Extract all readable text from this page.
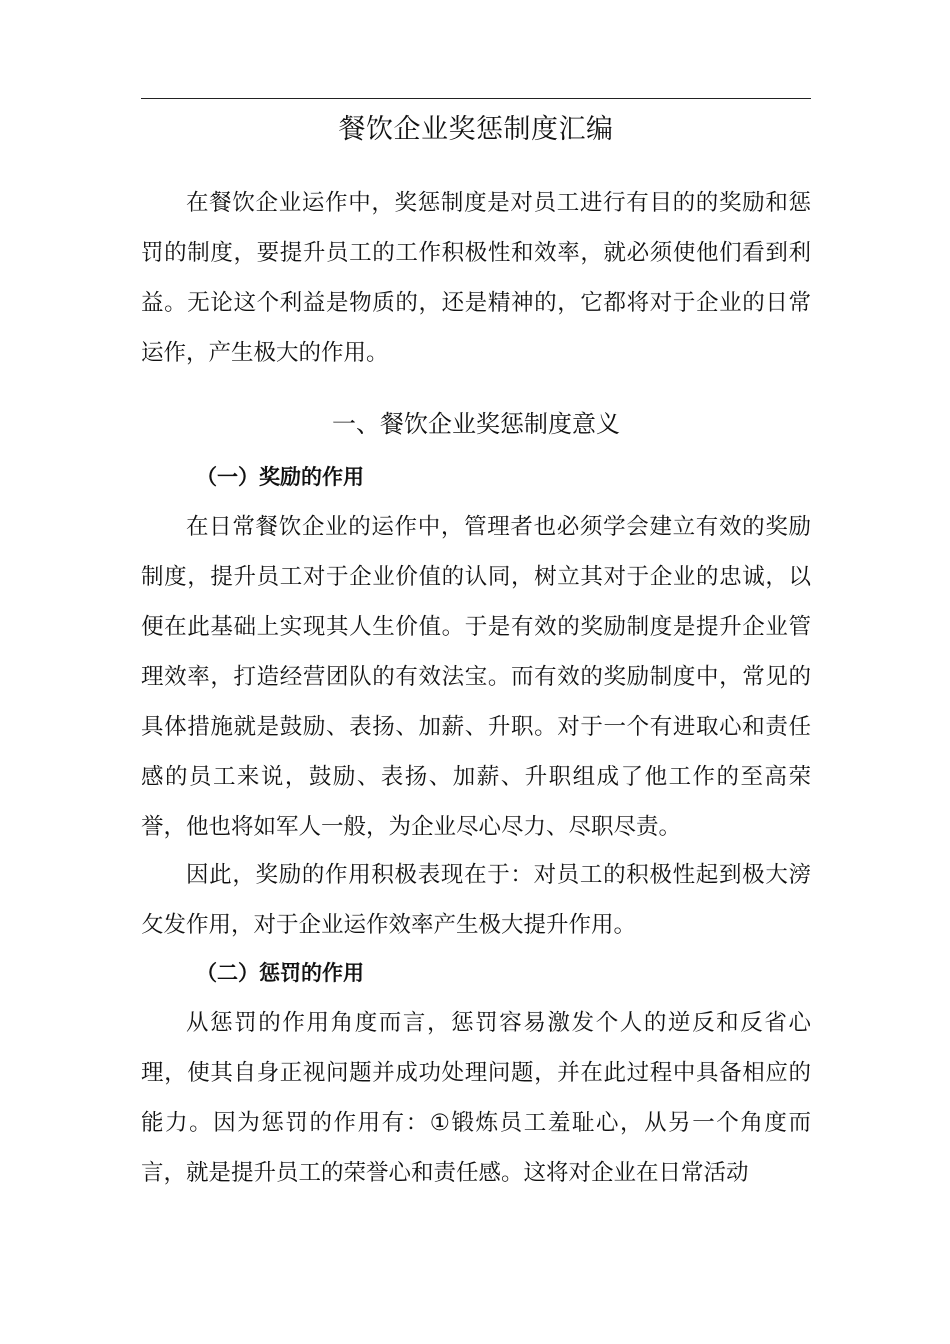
餐饮企业奖惩制度汇编

在餐饮企业运作中，奖惩制度是对员工进行有目的的奖励和惩罚的制度，要提升员工的工作积极性和效率，就必须使他们看到利益。无论这个利益是物质的，还是精神的，它都将对于企业的日常运作，产生极大的作用。

一、餐饮企业奖惩制度意义
（一）奖励的作用

在日常餐饮企业的运作中，管理者也必须学会建立有效的奖励制度，提升员工对于企业价值的认同，树立其对于企业的忠诚，以便在此基础上实现其人生价值。于是有效的奖励制度是提升企业管理效率，打造经营团队的有效法宝。而有效的奖励制度中，常见的具体措施就是鼓励、表扬、加薪、升职。对于一个有进取心和责任感的员工来说，鼓励、表扬、加薪、升职组成了他工作的至高荣誉，他也将如军人一般，为企业尽心尽力、尽职尽责。

因此，奖励的作用积极表现在于：对员工的积极性起到极大滂攵发作用，对于企业运作效率产生极大提升作用。

（二）惩罚的作用

从惩罚的作用角度而言，惩罚容易激发个人的逆反和反省心理，使其自身正视问题并成功处理问题，并在此过程中具备相应的能力。因为惩罚的作用有：①锻炼员工羞耻心，从另一个角度而言，就是提升员工的荣誉心和责任感。这将对企业在日常活动
